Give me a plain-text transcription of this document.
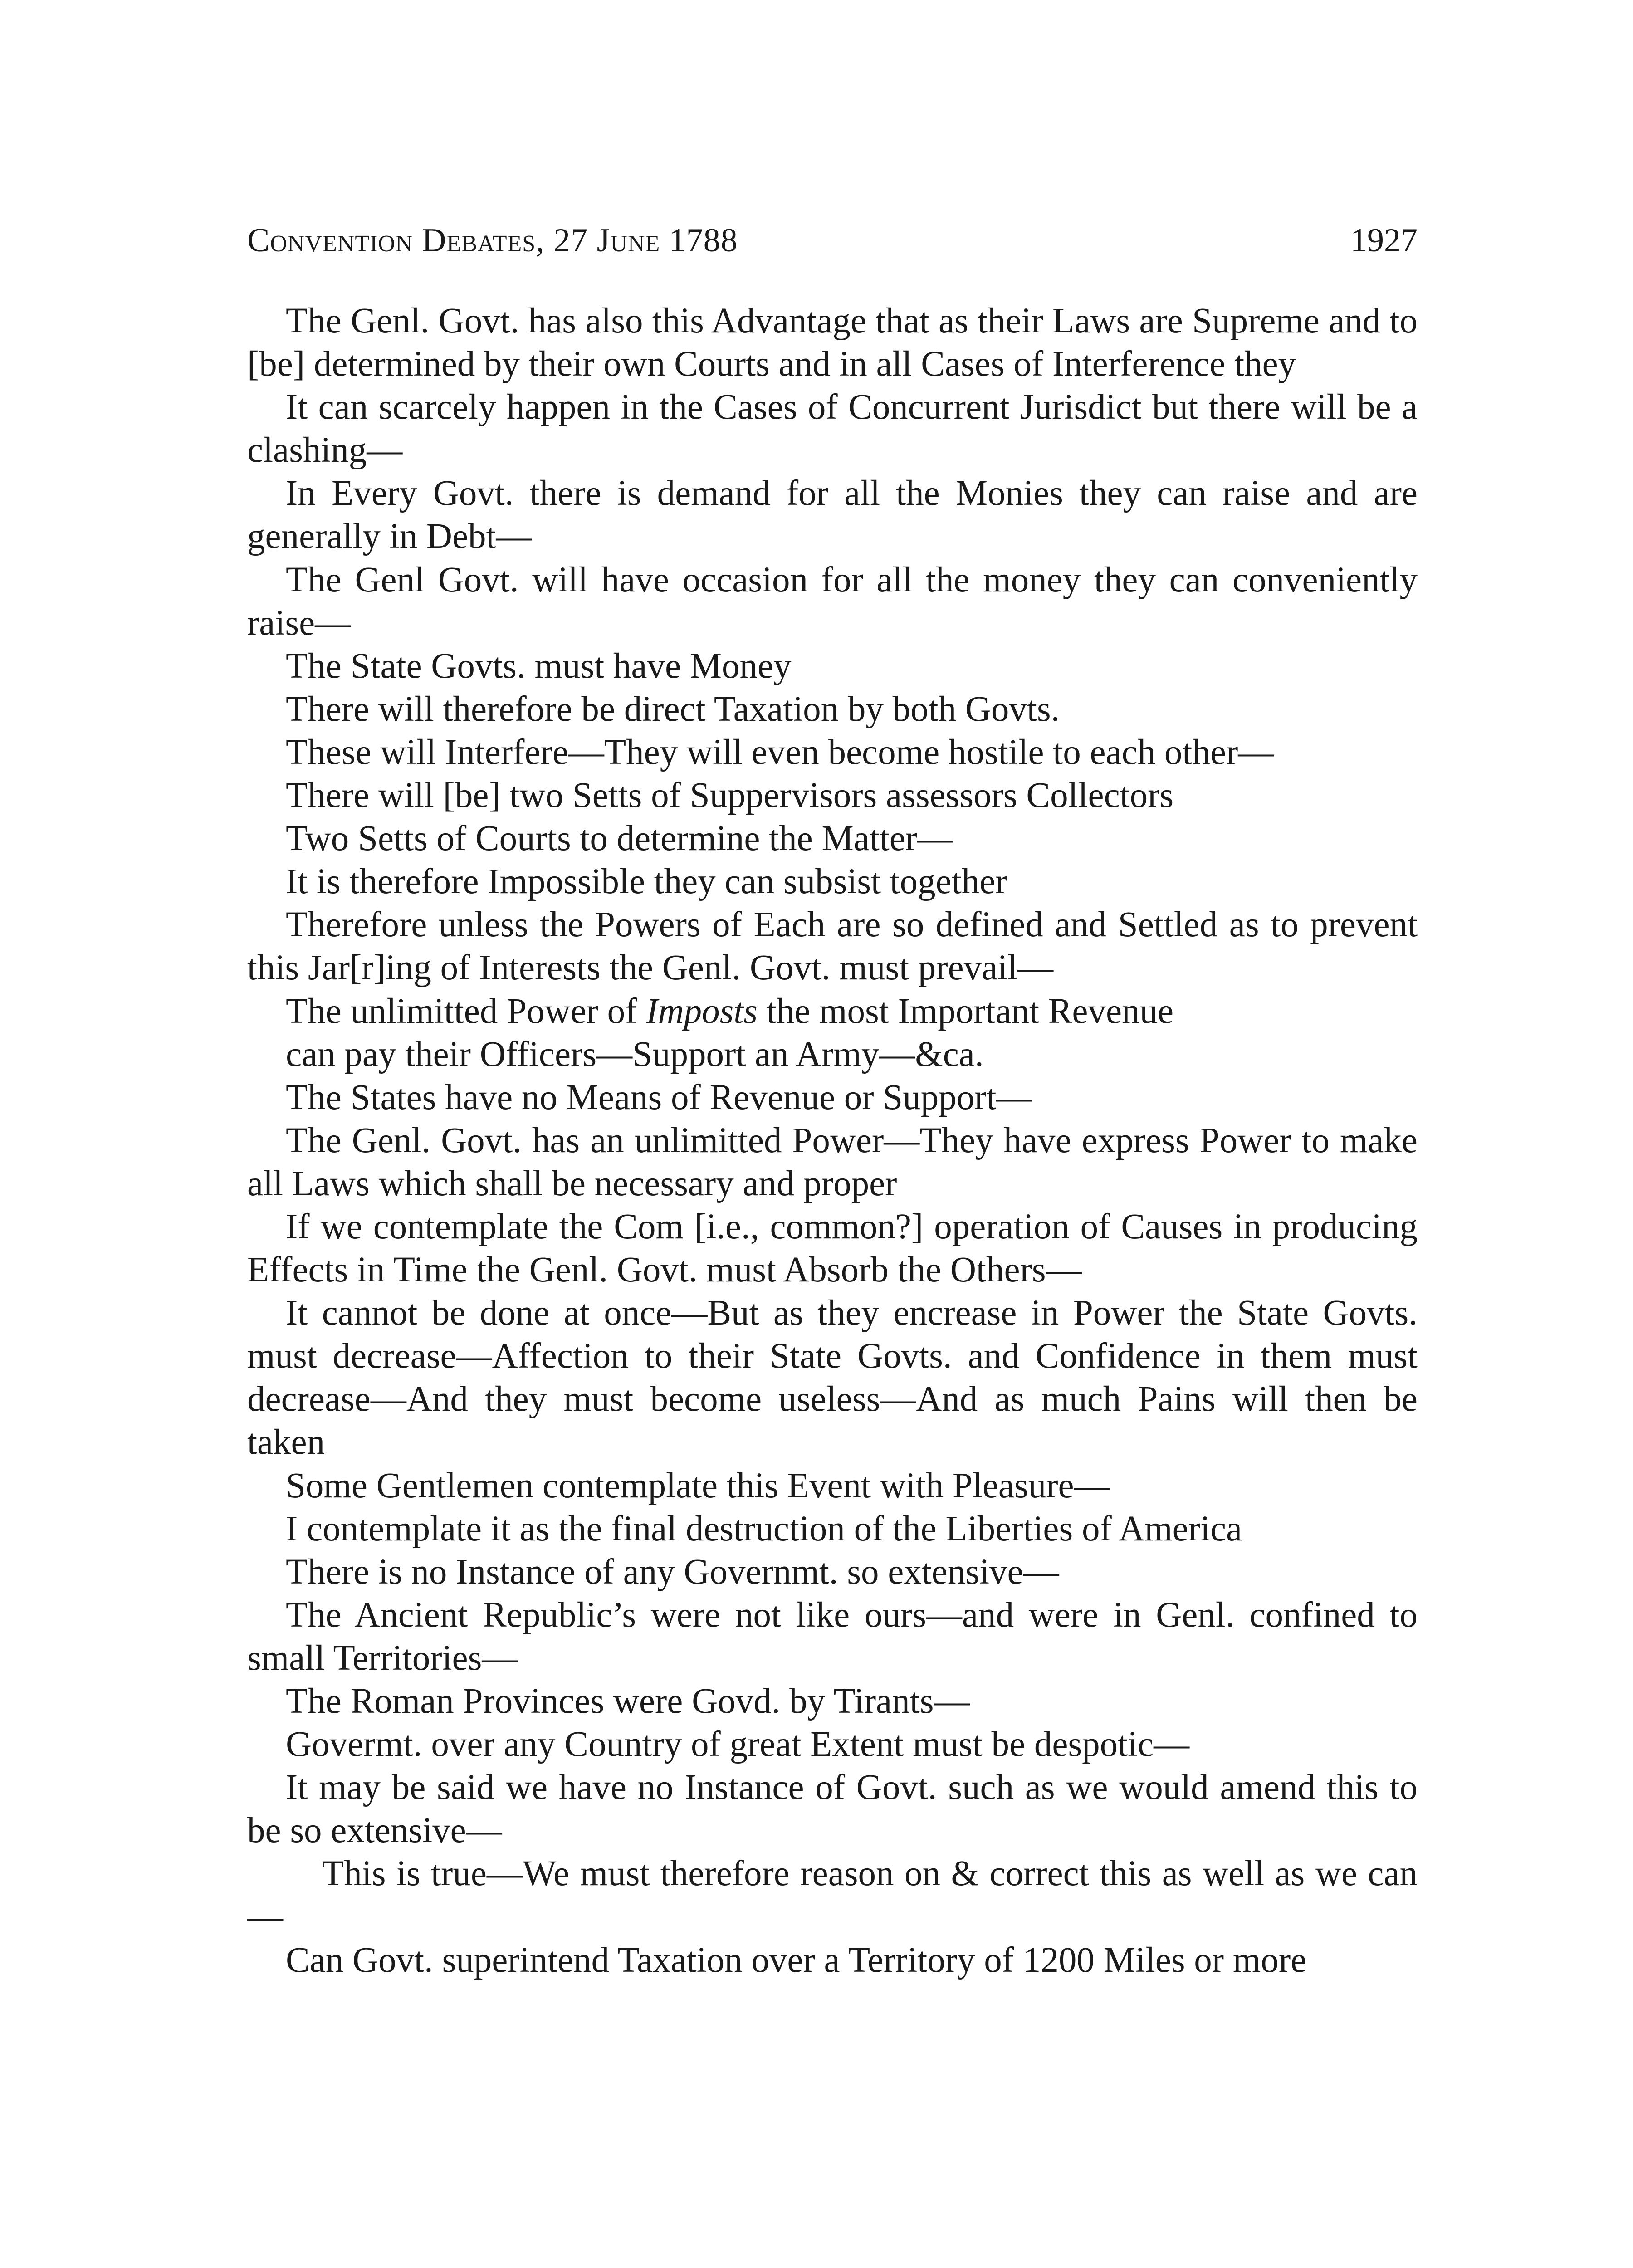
Convention Debates, 27 June 1788	1927

The Genl. Govt. has also this Advantage that as their Laws are Supreme and to [be] determined by their own Courts and in all Cases of Interference they

It can scarcely happen in the Cases of Concurrent Jurisdict but there will be a clashing—

In Every Govt. there is demand for all the Monies they can raise and are generally in Debt—

The Genl Govt. will have occasion for all the money they can conveniently raise—

The State Govts. must have Money

There will therefore be direct Taxation by both Govts.

These will Interfere—They will even become hostile to each other—

There will [be] two Setts of Suppervisors assessors Collectors

Two Setts of Courts to determine the Matter—

It is therefore Impossible they can subsist together

Therefore unless the Powers of Each are so defined and Settled as to prevent this Jar[r]ing of Interests the Genl. Govt. must prevail—

The unlimitted Power of Imposts the most Important Revenue

can pay their Officers—Support an Army—&ca.

The States have no Means of Revenue or Support—

The Genl. Govt. has an unlimitted Power—They have express Power to make all Laws which shall be necessary and proper

If we contemplate the Com [i.e., common?] operation of Causes in producing Effects in Time the Genl. Govt. must Absorb the Others—

It cannot be done at once—But as they encrease in Power the State Govts. must decrease—Affection to their State Govts. and Confidence in them must decrease—And they must become useless—And as much Pains will then be taken

Some Gentlemen contemplate this Event with Pleasure—

I contemplate it as the final destruction of the Liberties of America

There is no Instance of any Governmt. so extensive—

The Ancient Republic’s were not like ours—and were in Genl. confined to small Territories—

The Roman Provinces were Govd. by Tirants—

Govermt. over any Country of great Extent must be despotic—

It may be said we have no Instance of Govt. such as we would amend this to be so extensive—

This is true—We must therefore reason on & correct this as well as we can—

Can Govt. superintend Taxation over a Territory of 1200 Miles or more
